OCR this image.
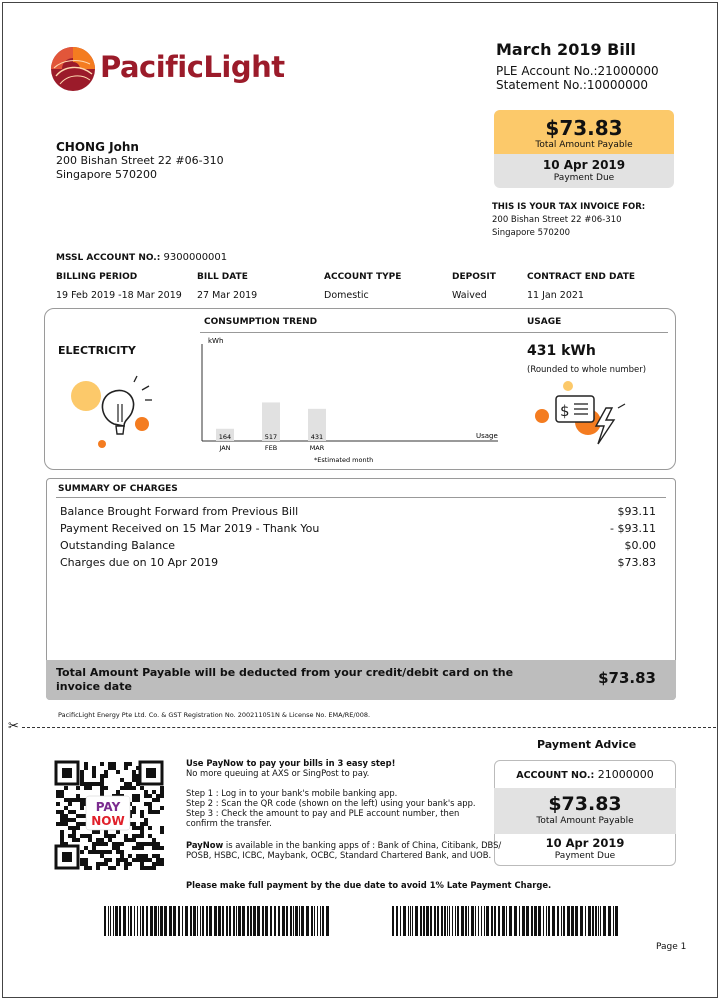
PacificLight
March 2019 Bill
PLE Account No.:21000000
Statement No.:10000000
$73.83
Total Amount Payable
10 Apr 2019
Payment Due
THIS IS YOUR TAX INVOICE FOR:
200 Bishan Street 22 #06-310
Singapore 570200
CHONG John
200 Bishan Street 22 #06-310
Singapore 570200
MSSL ACCOUNT NO.: 9300000001
BILLING PERIOD
19 Feb 2019 -18 Mar 2019
BILL DATE
27 Mar 2019
ACCOUNT TYPE
Domestic
DEPOSIT
Waived
CONTRACT END DATE
11 Jan 2021
CONSUMPTION TREND	USAGE
ELECTRICITY	431 kWh
(Rounded to whole number)
$
kWh
Usage
164
JAN
517
FEB
431
MAR
*Estimated month
SUMMARY OF CHARGES
Balance Brought Forward from Previous Bill	$93.11
Payment Received on 15 Mar 2019 - Thank You	- $93.11
Outstanding Balance	$0.00
Charges due on 10 Apr 2019	$73.83
Total Amount Payable will be deducted from your credit/debit card on the invoice date	$73.83
PacificLight Energy Pte Ltd. Co. & GST Registration No. 200211051N & License No. EMA/RE/008.
✂
Payment Advice
ACCOUNT NO.: 21000000
$73.83
Total Amount Payable
10 Apr 2019
Payment Due
PAY
NOW
Use PayNow to pay your bills in 3 easy step!
No more queuing at AXS or SingPost to pay.
Step 1 : Log in to your bank's mobile banking app.
Step 2 : Scan the QR code (shown on the left) using your bank's app.
Step 3 : Check the amount to pay and PLE account number, then
confirm the transfer.
PayNow is available in the banking apps of : Bank of China, Citibank, DBS/
POSB, HSBC, ICBC, Maybank, OCBC, Standard Chartered Bank, and UOB.
Please make full payment by the due date to avoid 1% Late Payment Charge.
Page 1
